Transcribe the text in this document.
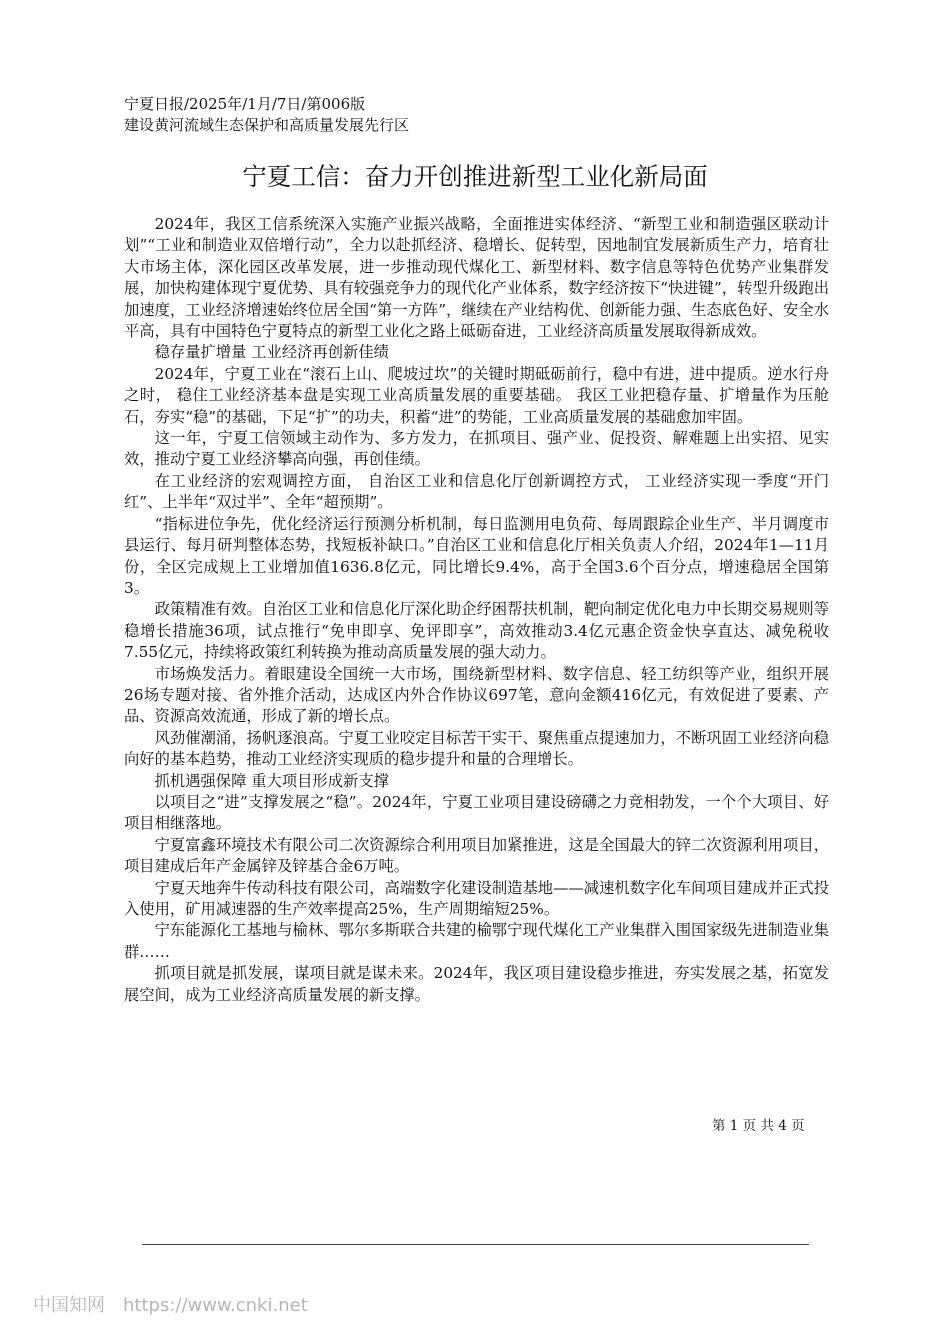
宁夏日报/2025年/1月/7日/第006版
建设黄河流域生态保护和高质量发展先行区
宁夏工信：奋力开创推进新型工业化新局面

2024年，我区工信系统深入实施产业振兴战略，全面推进实体经济、“新型工业和制造强区联动计划”“工业和制造业双倍增行动”，全力以赴抓经济、稳增长、促转型，因地制宜发展新质生产力，培育壮大市场主体，深化园区改革发展，进一步推动现代煤化工、新型材料、数字信息等特色优势产业集群发展，加快构建体现宁夏优势、具有较强竞争力的现代化产业体系，数字经济按下“快进键”，转型升级跑出加速度，工业经济增速始终位居全国“第一方阵”，继续在产业结构优、创新能力强、生态底色好、安全水平高，具有中国特色宁夏特点的新型工业化之路上砥砺奋进，工业经济高质量发展取得新成效。

稳存量扩增量 工业经济再创新佳绩

2024年，宁夏工业在“滚石上山、爬坡过坎”的关键时期砥砺前行，稳中有进，进中提质。逆水行舟之时， 稳住工业经济基本盘是实现工业高质量发展的重要基础。 我区工业把稳存量、扩增量作为压舱石，夯实“稳”的基础，下足“扩”的功夫，积蓄“进”的势能，工业高质量发展的基础愈加牢固。

这一年，宁夏工信领域主动作为、多方发力，在抓项目、强产业、促投资、解难题上出实招、见实效，推动宁夏工业经济攀高向强，再创佳绩。

在工业经济的宏观调控方面， 自治区工业和信息化厅创新调控方式， 工业经济实现一季度“开门红”、上半年“双过半”、全年“超预期”。

“指标进位争先，优化经济运行预测分析机制，每日监测用电负荷、每周跟踪企业生产、半月调度市县运行、每月研判整体态势，找短板补缺口。”自治区工业和信息化厅相关负责人介绍，2024年1—11月份，全区完成规上工业增加值1636.8亿元，同比增长9.4%，高于全国3.6个百分点，增速稳居全国第3。

政策精准有效。自治区工业和信息化厅深化助企纾困帮扶机制，靶向制定优化电力中长期交易规则等稳增长措施36项，试点推行“免申即享、免评即享”，高效推动3.4亿元惠企资金快享直达、减免税收7.55亿元，持续将政策红利转换为推动高质量发展的强大动力。

市场焕发活力。着眼建设全国统一大市场，围绕新型材料、数字信息、轻工纺织等产业，组织开展26场专题对接、省外推介活动，达成区内外合作协议697笔，意向金额416亿元，有效促进了要素、产品、资源高效流通，形成了新的增长点。

风劲催潮涌，扬帆逐浪高。宁夏工业咬定目标苦干实干、聚焦重点提速加力，不断巩固工业经济向稳向好的基本趋势，推动工业经济实现质的稳步提升和量的合理增长。

抓机遇强保障 重大项目形成新支撑

以项目之“进”支撑发展之“稳”。2024年，宁夏工业项目建设磅礴之力竞相勃发，一个个大项目、好项目相继落地。

宁夏富鑫环境技术有限公司二次资源综合利用项目加紧推进，这是全国最大的锌二次资源利用项目，项目建成后年产金属锌及锌基合金6万吨。

宁夏天地奔牛传动科技有限公司，高端数字化建设制造基地——减速机数字化车间项目建成并正式投入使用，矿用减速器的生产效率提高25%，生产周期缩短25%。

宁东能源化工基地与榆林、鄂尔多斯联合共建的榆鄂宁现代煤化工产业集群入围国家级先进制造业集群……

抓项目就是抓发展，谋项目就是谋未来。2024年，我区项目建设稳步推进，夯实发展之基，拓宽发展空间，成为工业经济高质量发展的新支撑。

第 1 页 共 4 页
中国知网 https://www.cnki.net
